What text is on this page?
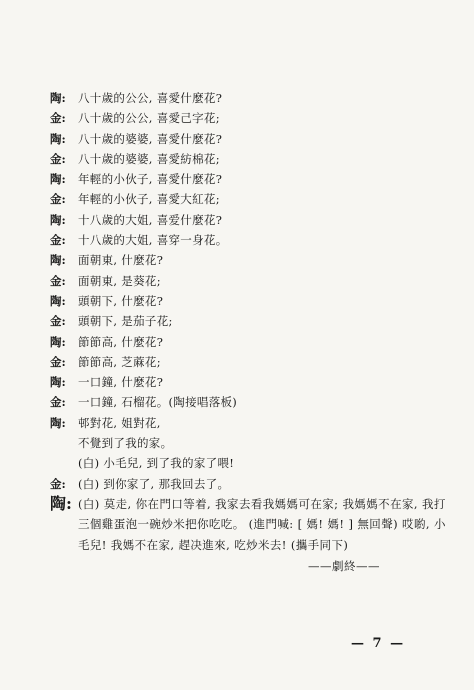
陶:	八十歲的公公, 喜愛什麼花?
金:	八十歲的公公, 喜愛己字花;
陶:	八十歲的婆婆, 喜愛什麼花?
金:	八十歲的婆婆, 喜愛紡棉花;
陶:	年輕的小伙子, 喜愛什麼花?
金:	年輕的小伙子, 喜愛大紅花;
陶:	十八歲的大姐, 喜爱什麼花?
金:	十八歲的大姐, 喜穿一身花。
陶:	面朝東, 什麼花?
金:	面朝東, 是葵花;
陶:	頭朝下, 什麼花?
金:	頭朝下, 是茄子花;
陶:	節節高, 什麼花?
金:	節節高, 芝蔴花;
陶:	一口鐘, 什麼花?
金:	一口鐘, 石榴花。(陶接唱落板)
陶:	邨對花, 姐對花,
不覺到了我的家。
(白) 小毛兒, 到了我的家了喂!
金:	(白) 到你家了, 那我回去了。
陶: (白) 莫走, 你在門口等着, 我家去看我媽媽可在家; 我媽媽不在家, 我打三個雞蛋泡一碗炒米把你吃吃。 (進門喊: [ 媽! 媽! ] 無回聲) 哎喲, 小毛兒! 我媽不在家, 趕决進來, 吃炒米去! (攜手同下)
——劇終——
— 7 —
